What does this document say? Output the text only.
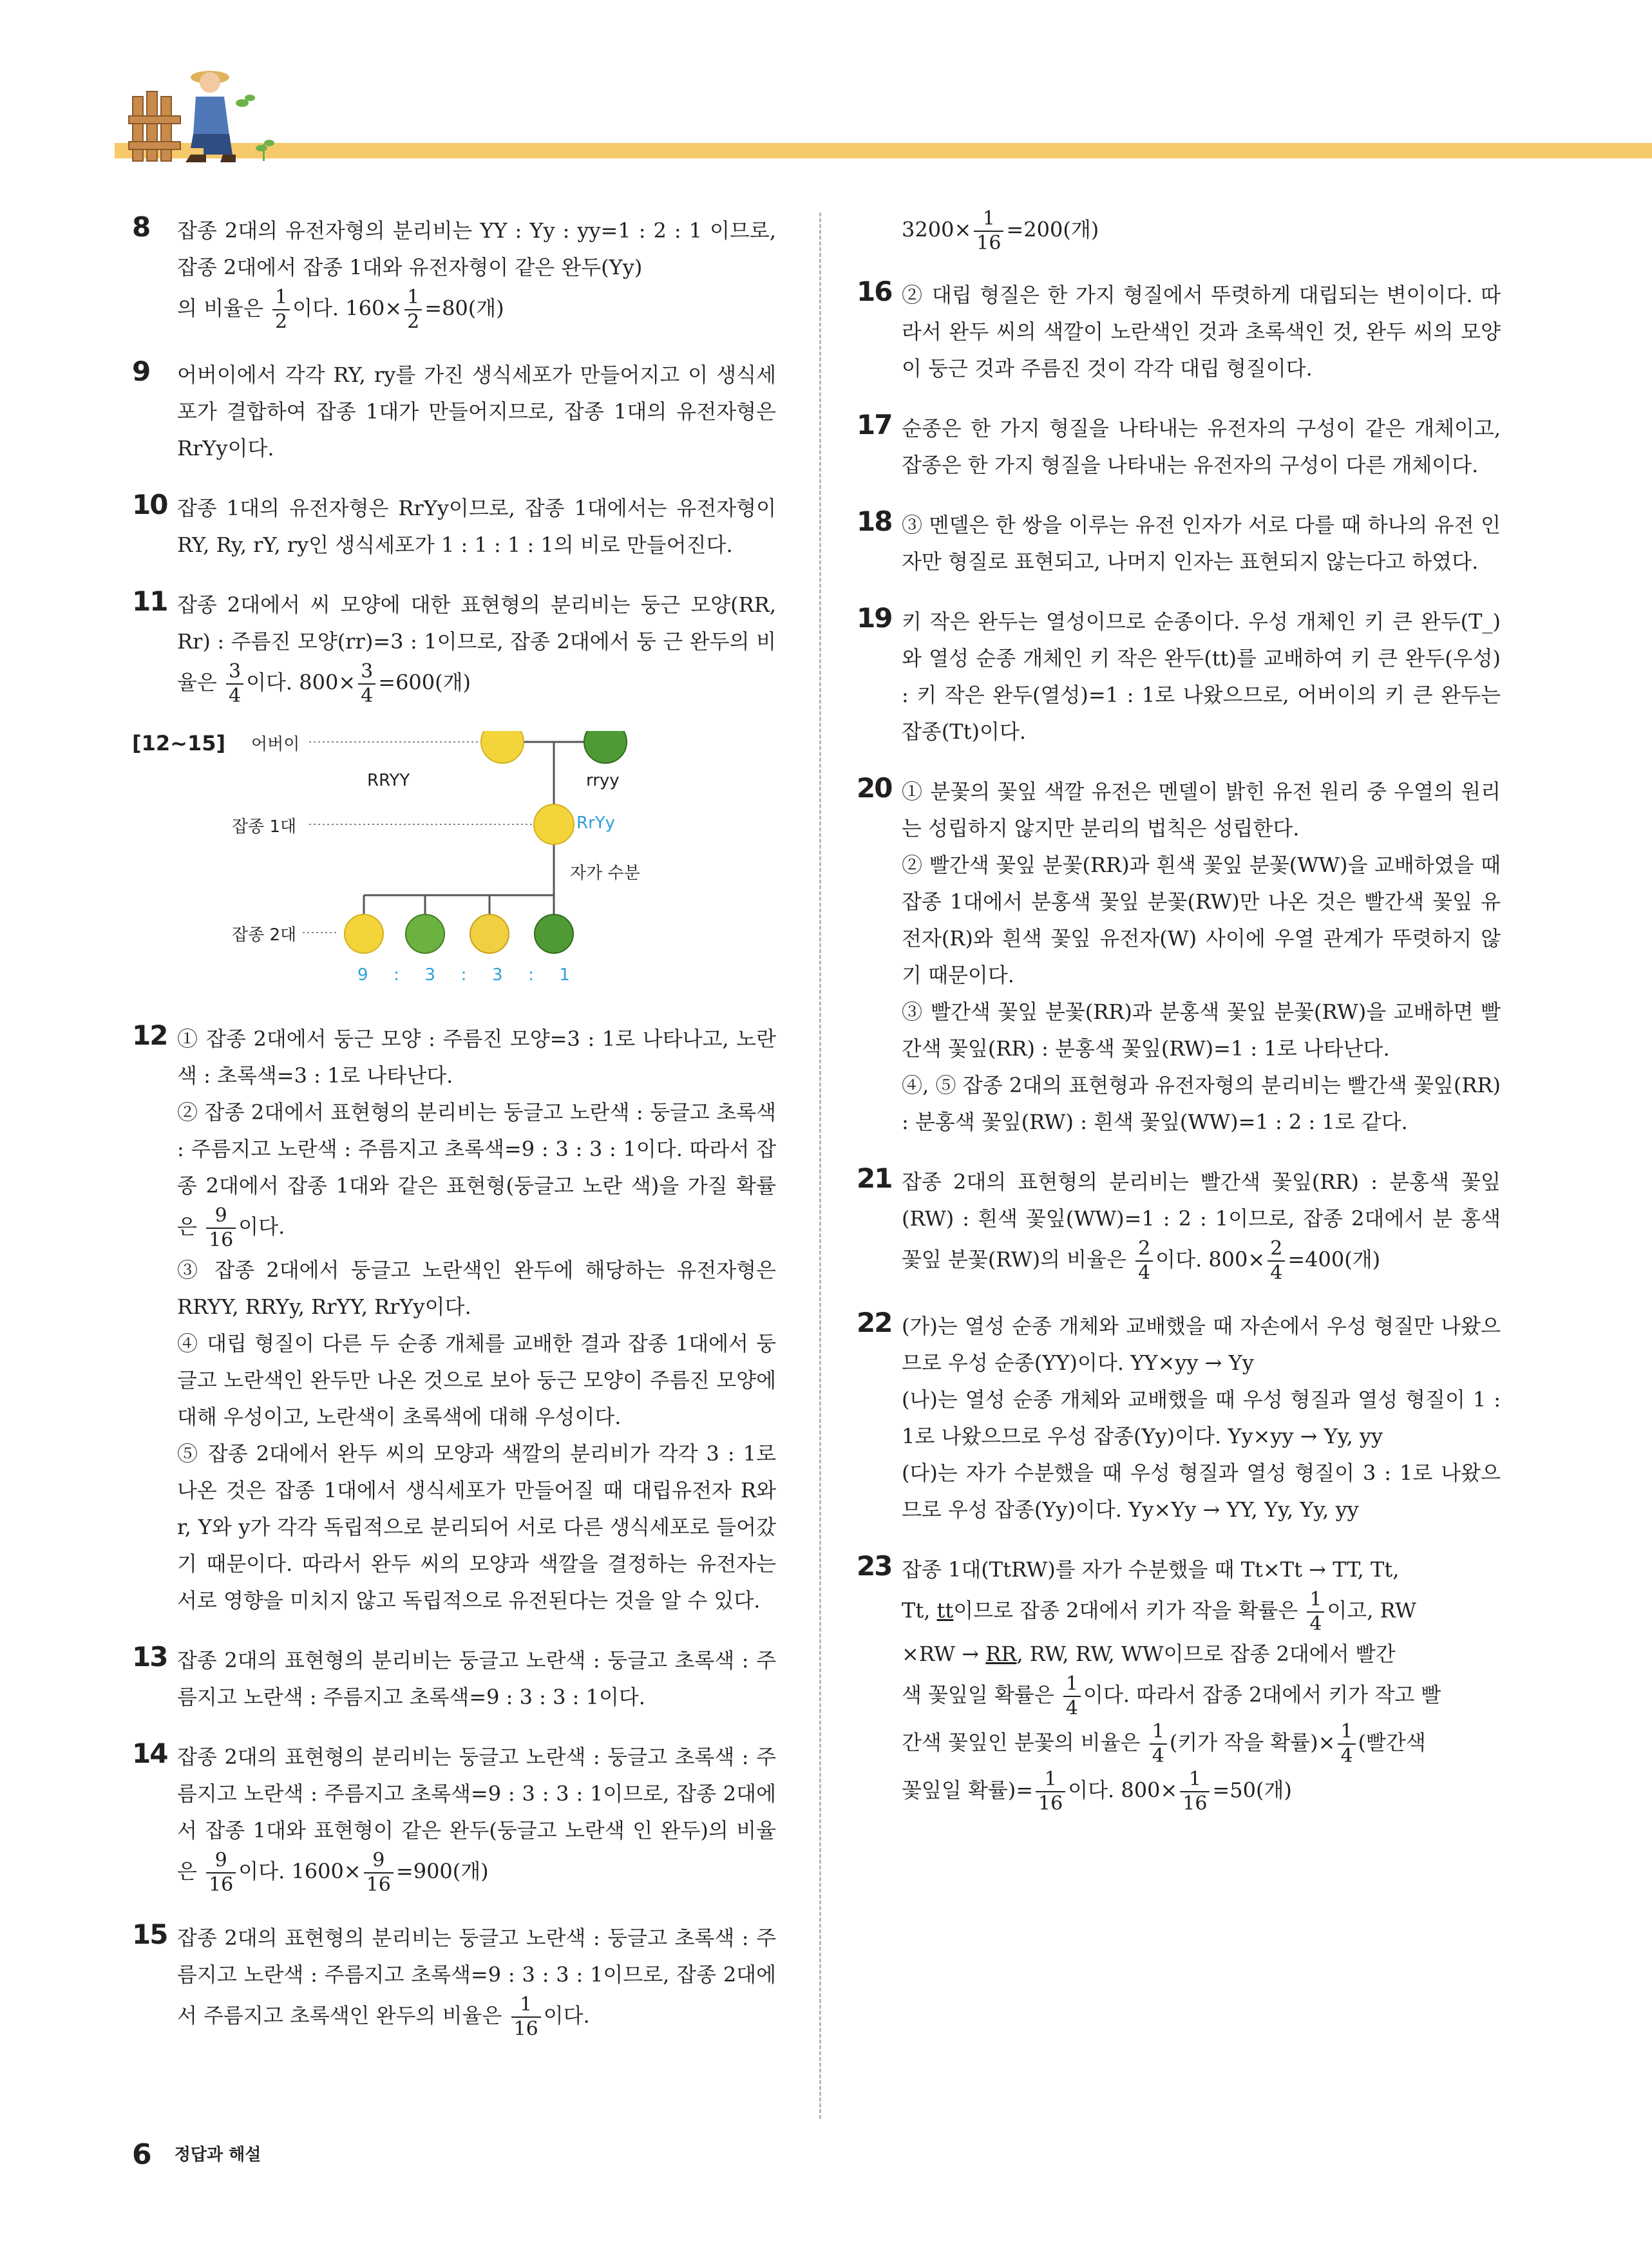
8 잡종 2대의 유전자형의 분리비는 YY : Yy : yy=1 : 2 : 1 이므로, 잡종 2대에서 잡종 1대와 유전자형이 같은 완두(Yy)
의 비율은 $\frac{1}{2}$ 이다. $160\times \frac{1}{2} =80$(개)

9 어버이에서 각각 RY, ry를 가진 생식세포가 만들어지고 이 생식세포가 결합하여 잡종 1대가 만들어지므로, 잡종 1대의 유전자형은 RrYy이다.

10 잡종 1대의 유전자형은 RrYy이므로, 잡종 1대에서는 유전자형이 RY, Ry, rY, ry인 생식세포가 1 : 1 : 1 : 1의 비로 만들어진다.

11 잡종 2대에서 씨 모양에 대한 표현형의 분리비는 둥근 모양(RR, Rr) : 주름진 모양(rr)=3 : 1이므로, 잡종 2대에서 둥 근 완두의 비율은 $\frac{3}{4}$ 이다. $800\times \frac{3}{4} =600$(개)

[12~15] 어버이
잡종 1대
잡종 2대
RRYY	rryy
RrYy
자가 수분
9 : 3 : 3 : 1
12 ① 잡종 2대에서 둥근 모양 : 주름진 모양=3 : 1로 나타나고, 노란색 : 초록색=3 : 1로 나타난다.
② 잡종 2대에서 표현형의 분리비는 둥글고 노란색 : 둥글고 초록색 : 주름지고 노란색 : 주름지고 초록색=9 : 3 : 3 : 1이다. 따라서 잡종 2대에서 잡종 1대와 같은 표현형(둥글고 노란 색)을 가질 확률은 $\frac{9}{16}$ 이다.
③ 잡종 2대에서 둥글고 노란색인 완두에 해당하는 유전자형은 RRYY, RRYy, RrYY, RrYy이다.
④ 대립 형질이 다른 두 순종 개체를 교배한 결과 잡종 1대에서 둥글고 노란색인 완두만 나온 것으로 보아 둥근 모양이 주름진 모양에 대해 우성이고, 노란색이 초록색에 대해 우성이다.
⑤ 잡종 2대에서 완두 씨의 모양과 색깔의 분리비가 각각 3 : 1로 나온 것은 잡종 1대에서 생식세포가 만들어질 때 대립유전자 R와 r, Y와 y가 각각 독립적으로 분리되어 서로 다른 생식세포로 들어갔기 때문이다. 따라서 완두 씨의 모양과 색깔을 결정하는 유전자는 서로 영향을 미치지 않고 독립적으로 유전된다는 것을 알 수 있다.

13 잡종 2대의 표현형의 분리비는 둥글고 노란색 : 둥글고 초록색 : 주름지고 노란색 : 주름지고 초록색=9 : 3 : 3 : 1이다.

14 잡종 2대의 표현형의 분리비는 둥글고 노란색 : 둥글고 초록색 : 주름지고 노란색 : 주름지고 초록색=9 : 3 : 3 : 1이므로, 잡종 2대에서 잡종 1대와 표현형이 같은 완두(둥글고 노란색 인 완두)의 비율은 $\frac{9}{16}$ 이다. $1600\times \frac{9}{16} =900$(개)

15 잡종 2대의 표현형의 분리비는 둥글고 노란색 : 둥글고 초록색 : 주름지고 노란색 : 주름지고 초록색=9 : 3 : 3 : 1이므로, 잡종 2대에서 주름지고 초록색인 완두의 비율은 $\frac{1}{16}$ 이다.

$3200\times \frac{1}{16} =200$(개)

16 ② 대립 형질은 한 가지 형질에서 뚜렷하게 대립되는 변이이다. 따라서 완두 씨의 색깔이 노란색인 것과 초록색인 것, 완두 씨의 모양이 둥근 것과 주름진 것이 각각 대립 형질이다.

17 순종은 한 가지 형질을 나타내는 유전자의 구성이 같은 개체이고, 잡종은 한 가지 형질을 나타내는 유전자의 구성이 다른 개체이다.

18 ③ 멘델은 한 쌍을 이루는 유전 인자가 서로 다를 때 하나의 유전 인자만 형질로 표현되고, 나머지 인자는 표현되지 않는다고 하였다.

19 키 작은 완두는 열성이므로 순종이다. 우성 개체인 키 큰 완두(T_)와 열성 순종 개체인 키 작은 완두(tt)를 교배하여 키 큰 완두(우성) : 키 작은 완두(열성)=1 : 1로 나왔으므로, 어버이의 키 큰 완두는 잡종(Tt)이다.

20 ① 분꽃의 꽃잎 색깔 유전은 멘델이 밝힌 유전 원리 중 우열의 원리는 성립하지 않지만 분리의 법칙은 성립한다.
② 빨간색 꽃잎 분꽃(RR)과 흰색 꽃잎 분꽃(WW)을 교배하였을 때 잡종 1대에서 분홍색 꽃잎 분꽃(RW)만 나온 것은 빨간색 꽃잎 유전자(R)와 흰색 꽃잎 유전자(W) 사이에 우열 관계가 뚜렷하지 않기 때문이다.
③ 빨간색 꽃잎 분꽃(RR)과 분홍색 꽃잎 분꽃(RW)을 교배하면 빨간색 꽃잎(RR) : 분홍색 꽃잎(RW)=1 : 1로 나타난다.
④, ⑤ 잡종 2대의 표현형과 유전자형의 분리비는 빨간색 꽃잎(RR) : 분홍색 꽃잎(RW) : 흰색 꽃잎(WW)=1 : 2 : 1로 같다.

21 잡종 2대의 표현형의 분리비는 빨간색 꽃잎(RR) : 분홍색 꽃잎(RW) : 흰색 꽃잎(WW)=1 : 2 : 1이므로, 잡종 2대에서 분 홍색 꽃잎 분꽃(RW)의 비율은 $\frac{2}{4}$ 이다. $800\times \frac{2}{4} =400$(개)

22 (가)는 열성 순종 개체와 교배했을 때 자손에서 우성 형질만 나왔으므로 우성 순종(YY)이다. YY×yy → Yy
(나)는 열성 순종 개체와 교배했을 때 우성 형질과 열성 형질이 1 : 1로 나왔으므로 우성 잡종(Yy)이다. Yy×yy → Yy, yy
(다)는 자가 수분했을 때 우성 형질과 열성 형질이 3 : 1로 나왔으므로 우성 잡종(Yy)이다. Yy×Yy → YY, Yy, Yy, yy

23 잡종 1대(TtRW)를 자가 수분했을 때 Tt×Tt → TT, Tt,
Tt, tt이므로 잡종 2대에서 키가 작을 확률은 $\frac{1}{4}$ 이고, RW
×RW → RR, RW, RW, WW이므로 잡종 2대에서 빨간
색 꽃잎일 확률은 $\frac{1}{4}$ 이다. 따라서 잡종 2대에서 키가 작고 빨
간색 꽃잎인 분꽃의 비율은 $\frac{1}{4}$ (키가 작을 확률)× $\frac{1}{4}$ (빨간색
꽃잎일 확률)= $\frac{1}{16}$ 이다. $800\times \frac{1}{16} =50$(개)

6 정답과 해설
